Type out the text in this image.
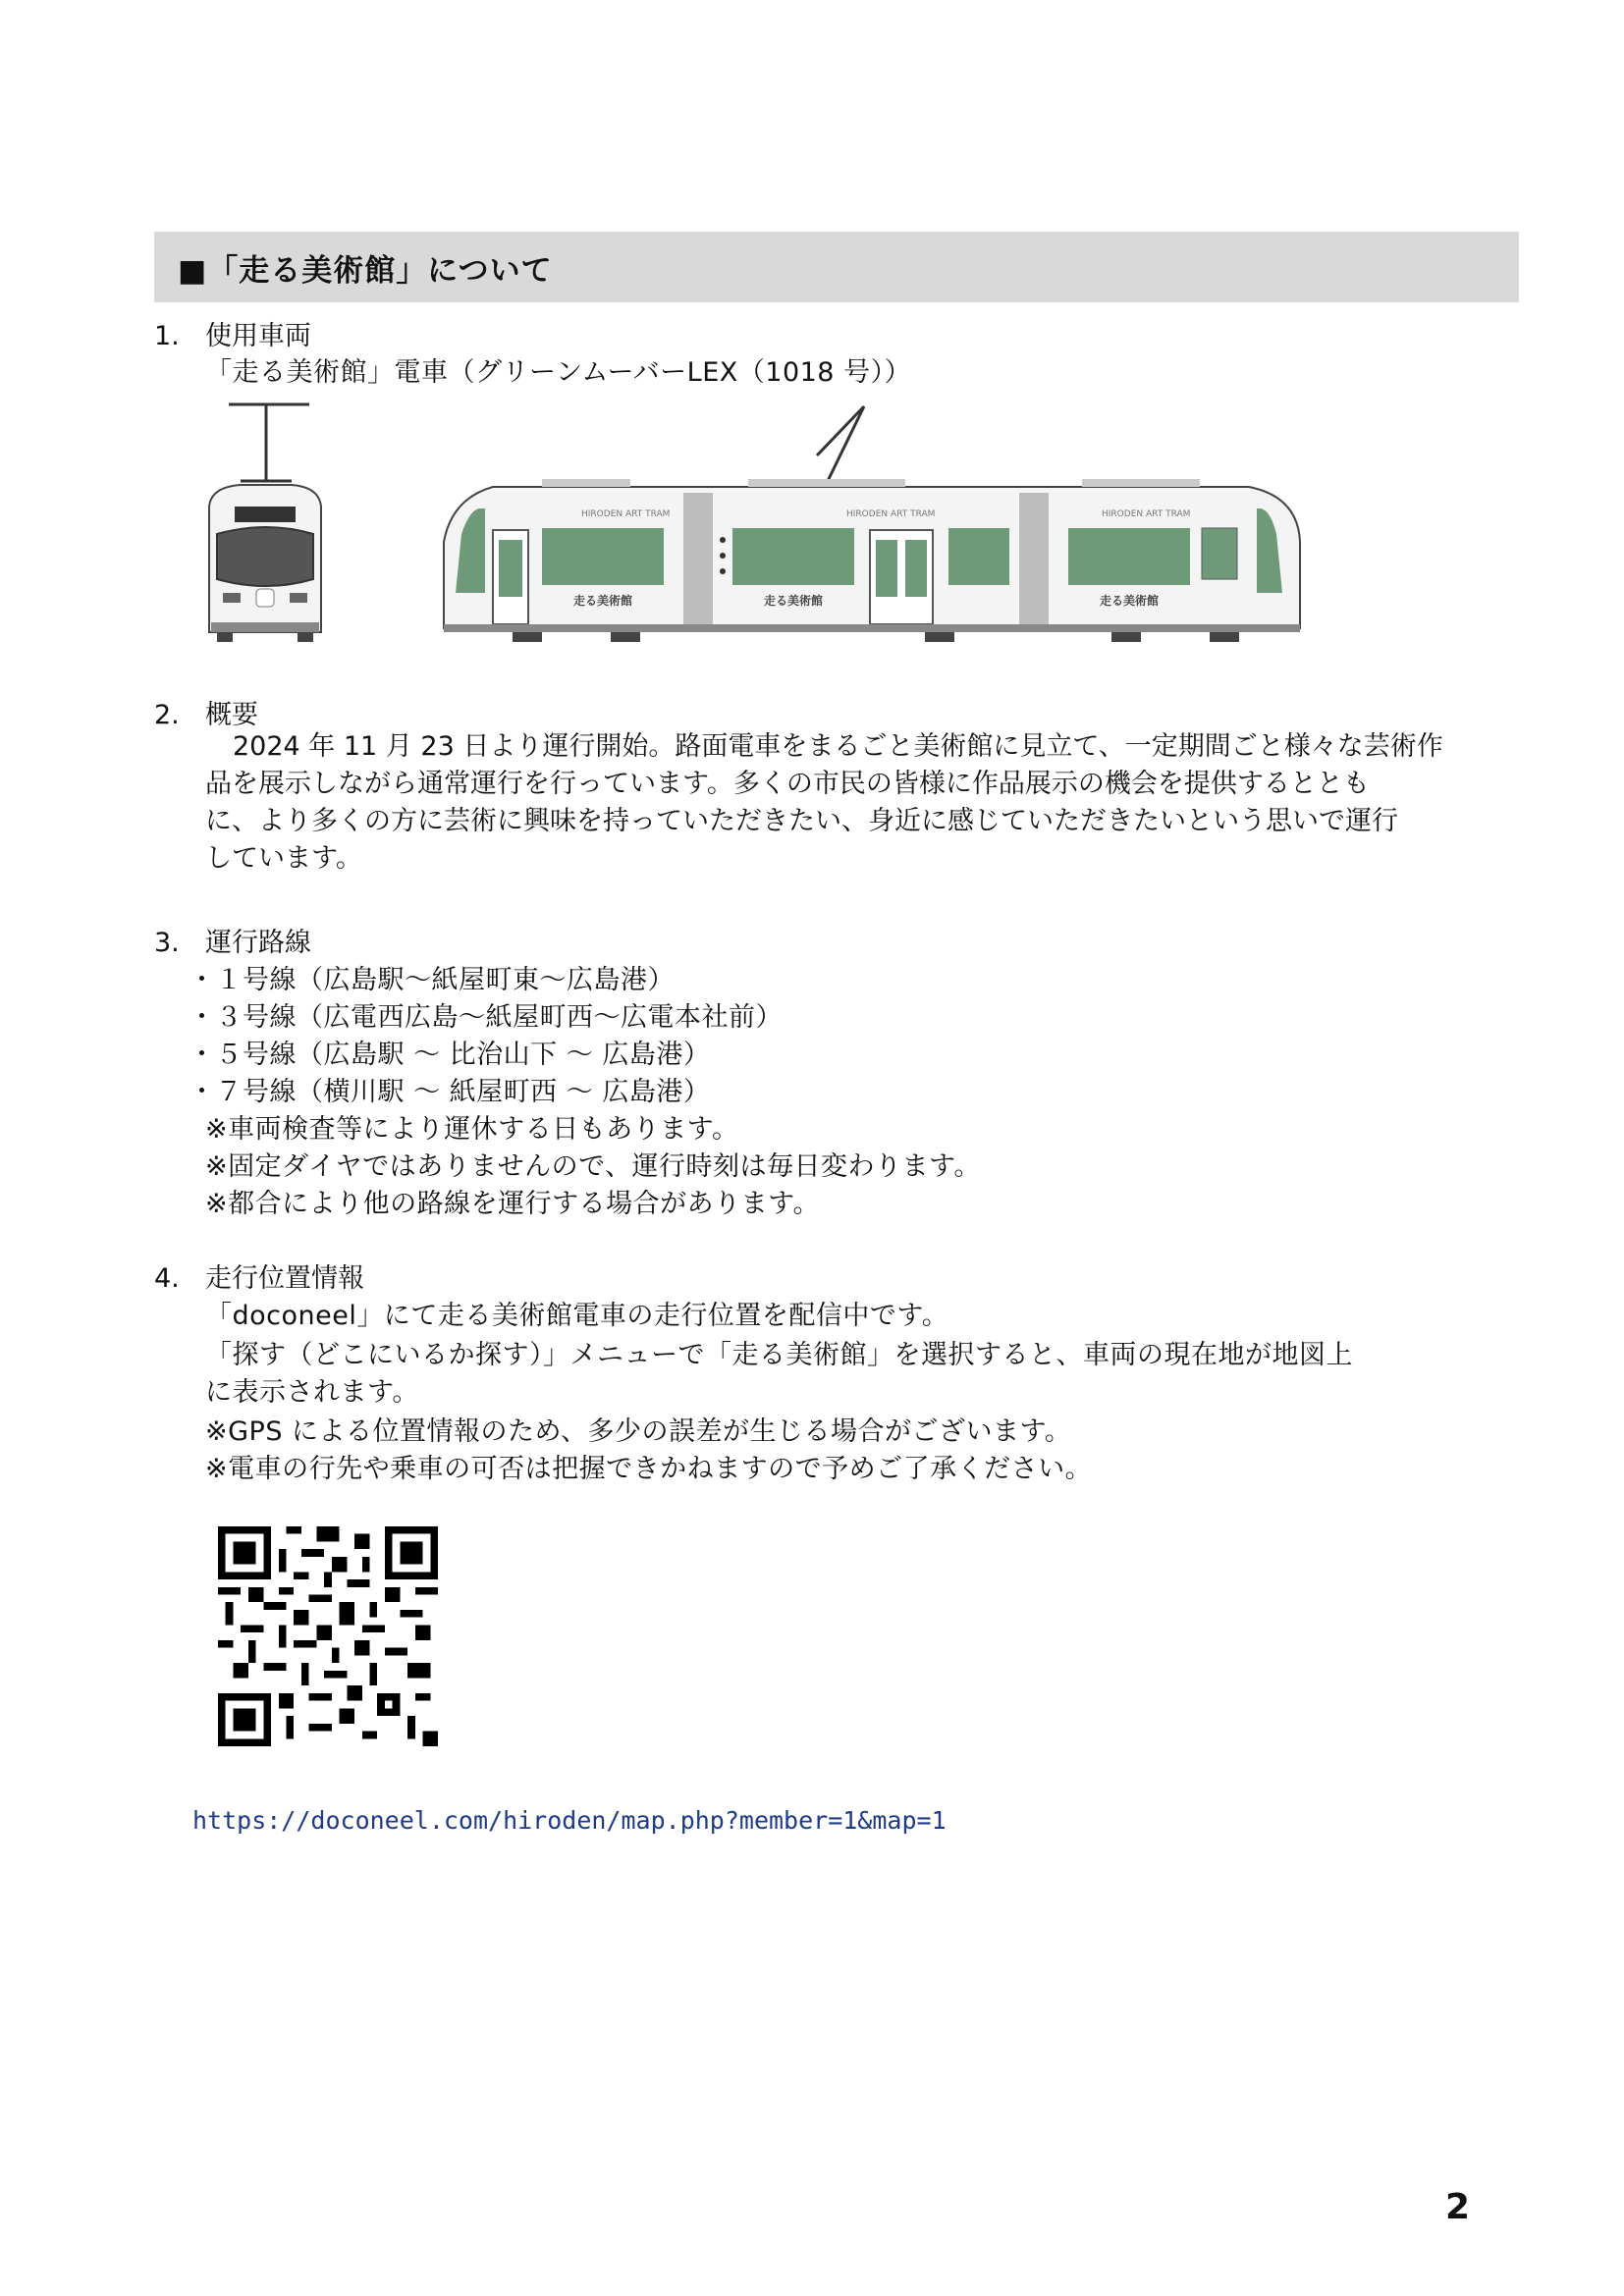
■「走る美術館」について
1. 使用車両
「走る美術館」電車（グリーンムーバーLEX（1018 号））
HIRODEN ART TRAM	HIRODEN ART TRAM	HIRODEN ART TRAM
走る美術館	走る美術館	走る美術館
2. 概要
2024 年 11 月 23 日より運行開始。路面電車をまるごと美術館に見立て、一定期間ごと様々な芸術作
品を展示しながら通常運行を行っています。多くの市民の皆様に作品展示の機会を提供するととも
に、より多くの方に芸術に興味を持っていただきたい、身近に感じていただきたいという思いで運行
しています。
3. 運行路線
・１号線（広島駅～紙屋町東～広島港）
・３号線（広電西広島～紙屋町西～広電本社前）
・５号線（広島駅 ～ 比治山下 ～ 広島港）
・７号線（横川駅 ～ 紙屋町西 ～ 広島港）
※車両検査等により運休する日もあります。
※固定ダイヤではありませんので、運行時刻は毎日変わります。
※都合により他の路線を運行する場合があります。
4. 走行位置情報
「doconeel」にて走る美術館電車の走行位置を配信中です。
「探す（どこにいるか探す）」メニューで「走る美術館」を選択すると、車両の現在地が地図上
に表示されます。
※GPS による位置情報のため、多少の誤差が生じる場合がございます。
※電車の行先や乗車の可否は把握できかねますので予めご了承ください。
https://doconeel.com/hiroden/map.php?member=1&map=1
2
